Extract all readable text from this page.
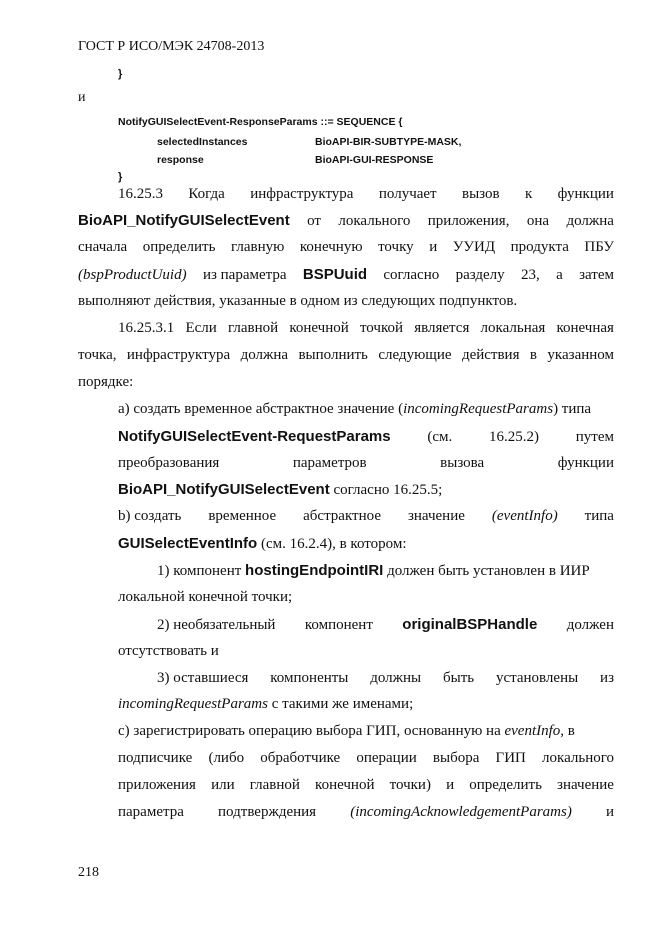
ГОСТ Р ИСО/МЭК 24708-2013
}
и
NotifyGUISelectEvent-ResponseParams ::= SEQUENCE {
selectedInstances	BioAPI-BIR-SUBTYPE-MASK,
response	BioAPI-GUI-RESPONSE
}
16.25.3 Когда инфраструктура получает вызов к функции
BioAPI_NotifyGUISelectEvent от локального приложения, она должна
сначала определить главную конечную точку и УУИД продукта ПБУ
(bspProductUuid) из параметра BSPUuid согласно разделу 23, а затем
выполняют действия, указанные в одном из следующих подпунктов.
16.25.3.1 Если главной конечной точкой является локальная конечная
точка, инфраструктура должна выполнить следующие действия в указанном
порядке:
а) создать временное абстрактное значение (incomingRequestParams) типа
NotifyGUISelectEvent-RequestParams (см. 16.25.2) путем
преобразования	параметров	вызова	функции
BioAPI_NotifyGUISelectEvent согласно 16.25.5;
b) создать временное абстрактное значение (eventInfo) типа
GUISelectEventInfo (см. 16.2.4), в котором:
1) компонент hostingEndpointIRI должен быть установлен в ИИР
локальной конечной точки;
2) необязательный компонент originalBSPHandle должен
отсутствовать и
3) оставшиеся компоненты должны быть установлены из
incomingRequestParams с такими же именами;
c) зарегистрировать операцию выбора ГИП, основанную на eventInfo, в
подписчике (либо обработчике операции выбора ГИП локального
приложения или главной конечной точки) и определить значение
параметра подтверждения (incomingAcknowledgementParams) и
218
